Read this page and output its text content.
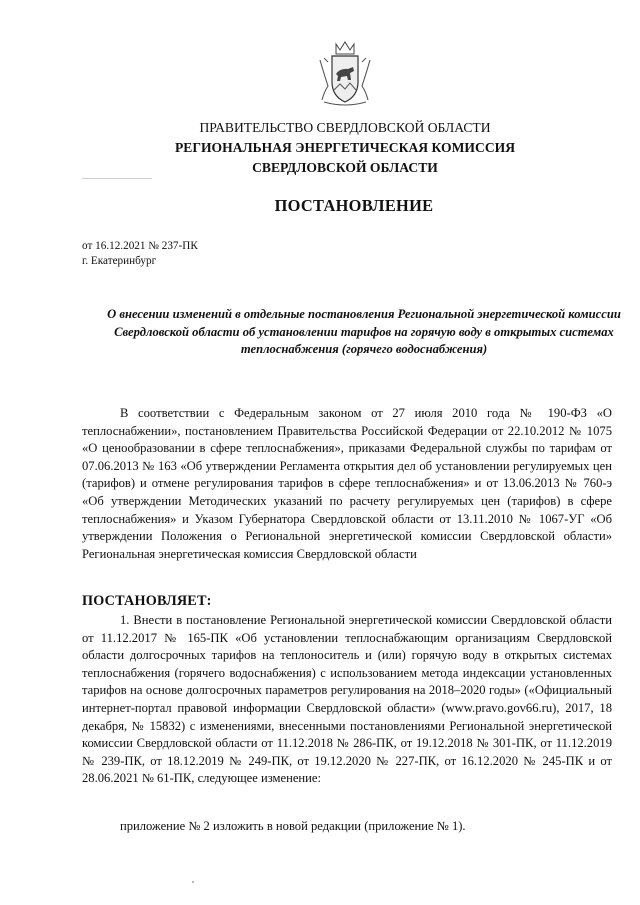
ПРАВИТЕЛЬСТВО СВЕРДЛОВСКОЙ ОБЛАСТИ
РЕГИОНАЛЬНАЯ ЭНЕРГЕТИЧЕСКАЯ КОМИССИЯ
СВЕРДЛОВСКОЙ ОБЛАСТИ
ПОСТАНОВЛЕНИЕ
от 16.12.2021 № 237-ПК
г. Екатеринбург
О внесении изменений в отдельные постановления Региональной энергетической комиссии Свердловской области об установлении тарифов на горячую воду в открытых системах теплоснабжения (горячего водоснабжения)
В соответствии с Федеральным законом от 27 июля 2010 года № 190-ФЗ «О теплоснабжении», постановлением Правительства Российской Федерации от 22.10.2012 № 1075 «О ценообразовании в сфере теплоснабжения», приказами Федеральной службы по тарифам от 07.06.2013 № 163 «Об утверждении Регламента открытия дел об установлении регулируемых цен (тарифов) и отмене регулирования тарифов в сфере теплоснабжения» и от 13.06.2013 № 760-э «Об утверждении Методических указаний по расчету регулируемых цен (тарифов) в сфере теплоснабжения» и Указом Губернатора Свердловской области от 13.11.2010 № 1067-УГ «Об утверждении Положения о Региональной энергетической комиссии Свердловской области» Региональная энергетическая комиссия Свердловской области
ПОСТАНОВЛЯЕТ:
1. Внести в постановление Региональной энергетической комиссии Свердловской области от 11.12.2017 № 165-ПК «Об установлении теплоснабжающим организациям Свердловской области долгосрочных тарифов на теплоноситель и (или) горячую воду в открытых системах теплоснабжения (горячего водоснабжения) с использованием метода индексации установленных тарифов на основе долгосрочных параметров регулирования на 2018–2020 годы» («Официальный интернет-портал правовой информации Свердловской области» (www.pravo.gov66.ru), 2017, 18 декабря, № 15832) с изменениями, внесенными постановлениями Региональной энергетической комиссии Свердловской области от 11.12.2018 № 286-ПК, от 19.12.2018 № 301-ПК, от 11.12.2019 № 239-ПК, от 18.12.2019 № 249-ПК, от 19.12.2020 № 227-ПК, от 16.12.2020 № 245-ПК и от 28.06.2021 № 61-ПК, следующее изменение:
приложение № 2 изложить в новой редакции (приложение № 1).
